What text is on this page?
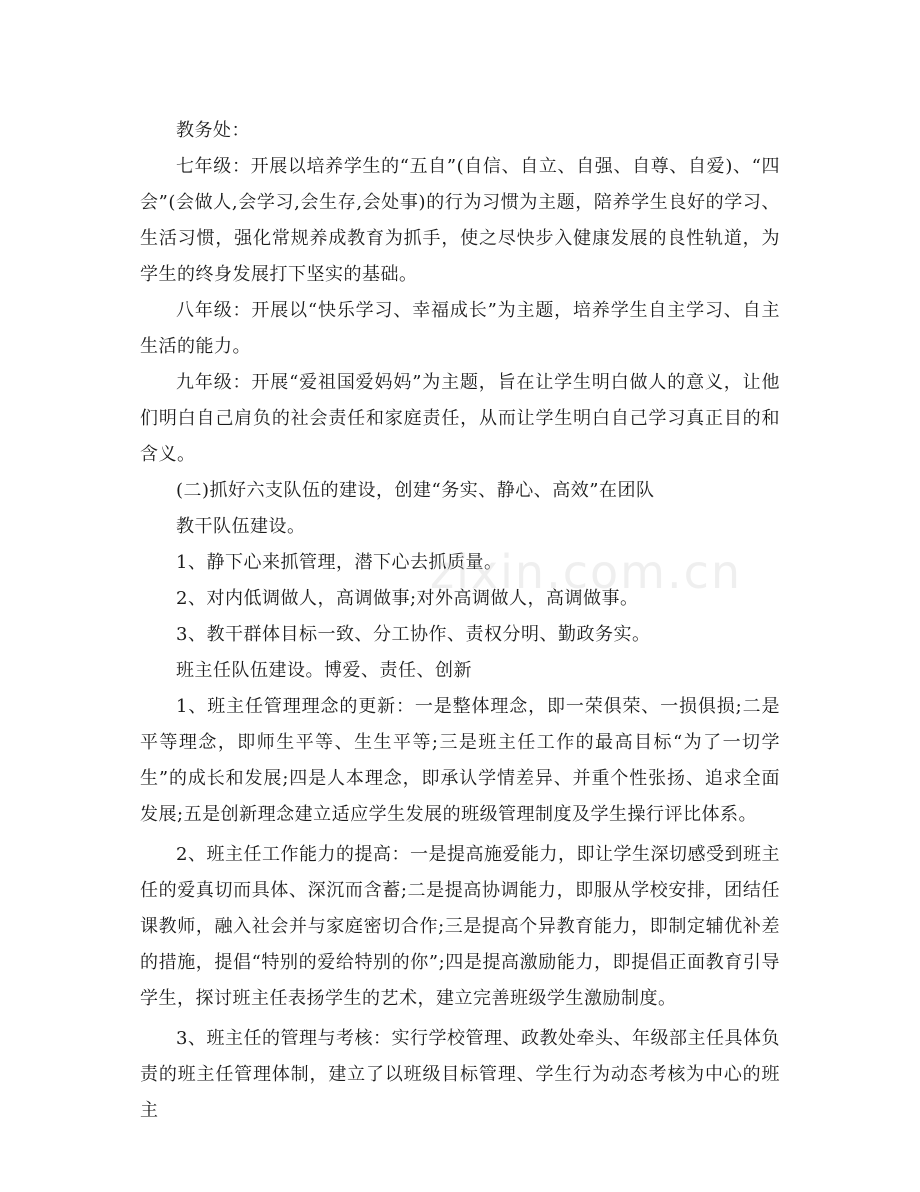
教务处：

七年级：开展以培养学生的“五自”(自信、自立、自强、自尊、自爱)、“四会”(会做人,会学习,会生存,会处事)的行为习惯为主题，陪养学生良好的学习、生活习惯，强化常规养成教育为抓手，使之尽快步入健康发展的良性轨道，为学生的终身发展打下坚实的基础。

八年级：开展以“快乐学习、幸福成长”为主题，培养学生自主学习、自主生活的能力。

九年级：开展“爱祖国爱妈妈”为主题，旨在让学生明白做人的意义，让他们明白自己肩负的社会责任和家庭责任，从而让学生明白自己学习真正目的和含义。

(二)抓好六支队伍的建设，创建“务实、静心、高效”在团队

教干队伍建设。

1、静下心来抓管理，潜下心去抓质量。

2、对内低调做人，高调做事;对外高调做人，高调做事。

3、教干群体目标一致、分工协作、责权分明、勤政务实。

班主任队伍建设。博爱、责任、创新

1、班主任管理理念的更新：一是整体理念，即一荣俱荣、一损俱损;二是平等理念，即师生平等、生生平等;三是班主任工作的最高目标“为了一切学生”的成长和发展;四是人本理念，即承认学情差异、并重个性张扬、追求全面发展;五是创新理念建立适应学生发展的班级管理制度及学生操行评比体系。

2、班主任工作能力的提高：一是提高施爱能力，即让学生深切感受到班主任的爱真切而具体、深沉而含蓄;二是提高协调能力，即服从学校安排，团结任课教师，融入社会并与家庭密切合作;三是提高个异教育能力，即制定辅优补差的措施，提倡“特别的爱给特别的你”;四是提高激励能力，即提倡正面教育引导学生，探讨班主任表扬学生的艺术，建立完善班级学生激励制度。

3、班主任的管理与考核：实行学校管理、政教处牵头、年级部主任具体负责的班主任管理体制，建立了以班级目标管理、学生行为动态考核为中心的班主

zixin.com.cn
